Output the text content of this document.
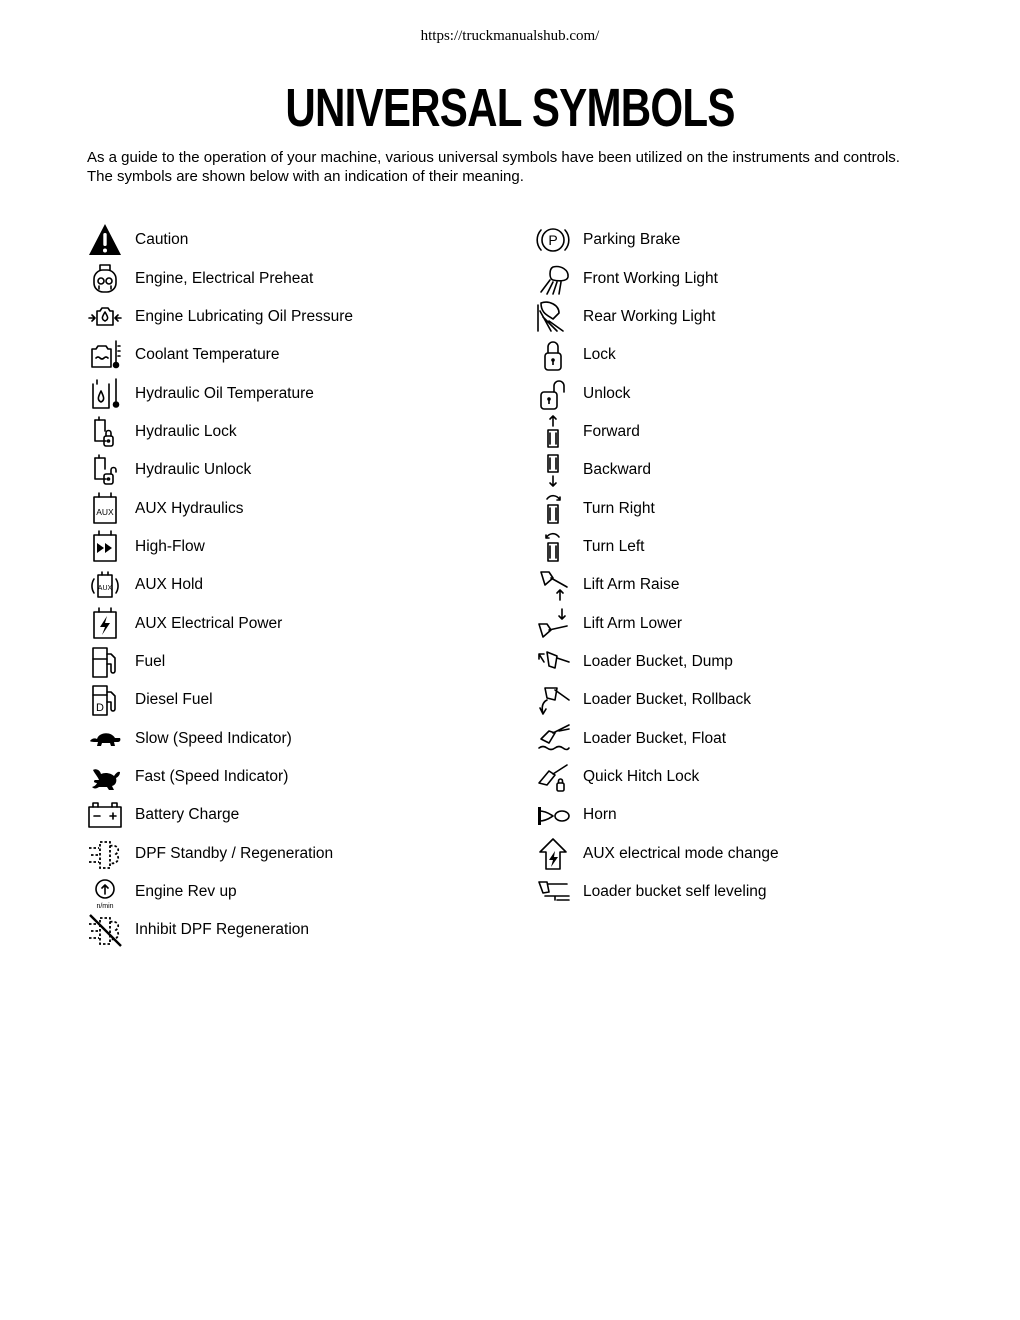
https://truckmanualshub.com/
UNIVERSAL SYMBOLS

As a guide to the operation of your machine, various universal symbols have been utilized on the instruments and controls.

The symbols are shown below with an indication of their meaning.

Caution
Engine, Electrical Preheat
Engine Lubricating Oil Pressure
Coolant Temperature
Hydraulic Oil Temperature
Hydraulic Lock
Hydraulic Unlock
AUX AUX Hydraulics
High-Flow
AUX AUX Hold
AUX Electrical Power
Fuel
D Diesel Fuel
Slow (Speed Indicator)
Fast (Speed Indicator)
Battery Charge
DPF Standby / Regeneration
n/min
Engine Rev up
Inhibit DPF Regeneration
P Parking Brake
Front Working Light
Rear Working Light
Lock
Unlock
Forward
Backward
Turn Right
Turn Left
Lift Arm Raise
Lift Arm Lower
Loader Bucket, Dump
Loader Bucket, Rollback
Loader Bucket, Float
Quick Hitch Lock
Horn
AUX electrical mode change
Loader bucket self leveling
